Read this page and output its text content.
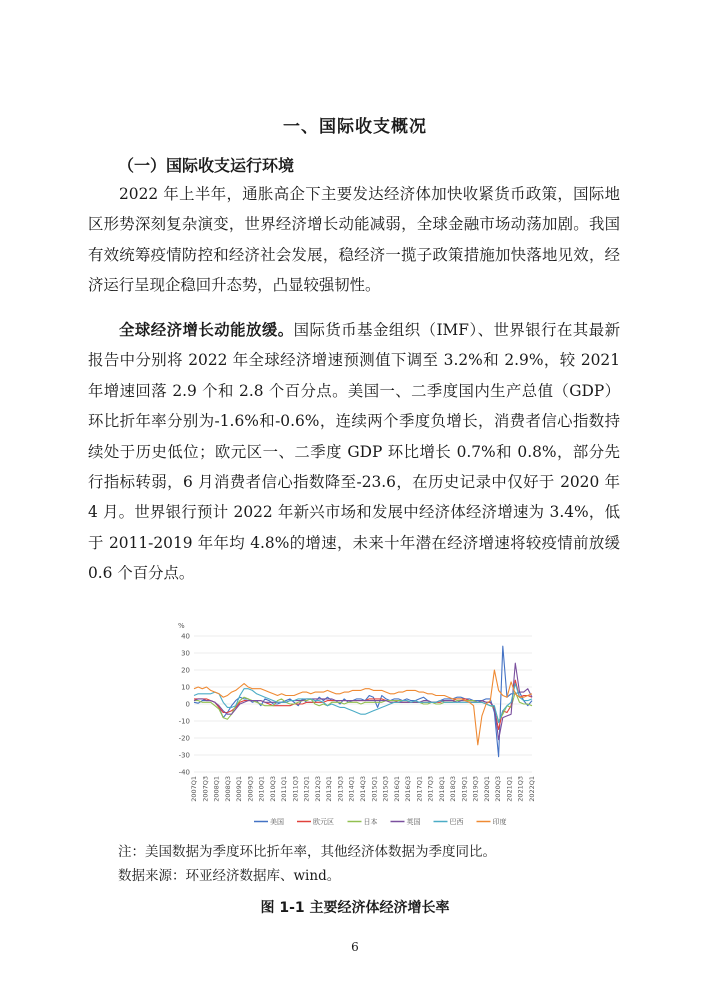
一、国际收支概况
（一）国际收支运行环境

2022 年上半年，通胀高企下主要发达经济体加快收紧货币政策，国际地区形势深刻复杂演变，世界经济增长动能减弱，全球金融市场动荡加剧。我国有效统筹疫情防控和经济社会发展，稳经济一揽子政策措施加快落地见效，经济运行呈现企稳回升态势，凸显较强韧性。

全球经济增长动能放缓。国际货币基金组织（IMF）、世界银行在其最新报告中分别将 2022 年全球经济增速预测值下调至 3.2%和 2.9%，较 2021 年增速回落 2.9 个和 2.8 个百分点。美国一、二季度国内生产总值（GDP）环比折年率分别为-1.6%和-0.6%，连续两个季度负增长，消费者信心指数持续处于历史低位；欧元区一、二季度 GDP 环比增长 0.7%和 0.8%，部分先行指标转弱，6 月消费者信心指数降至-23.6，在历史记录中仅好于 2020 年 4 月。世界银行预计 2022 年新兴市场和发展中经济体经济增速为 3.4%，低于 2011-2019 年年均 4.8%的增速，未来十年潜在经济增速将较疫情前放缓 0.6 个百分点。

40
30
20
10
0
-10
-20
-30
-40
2007Q1 2007Q3 2008Q1 2008Q3 2009Q1 2009Q3 2010Q1 2010Q3 2011Q1 2011Q3 2012Q1 2012Q3 2013Q1 2013Q3 2014Q1 2014Q3 2015Q1 2015Q3 2016Q1 2016Q3 2017Q1 2017Q3 2018Q1 2018Q3 2019Q1 2019Q3 2020Q1 2020Q3 2021Q1 2021Q3 2022Q1
美国	欧元区	日本	英国	巴西	印度
%
注：美国数据为季度环比折年率，其他经济体数据为季度同比。
数据来源：环亚经济数据库、wind。
图 1-1 主要经济体经济增长率
6
